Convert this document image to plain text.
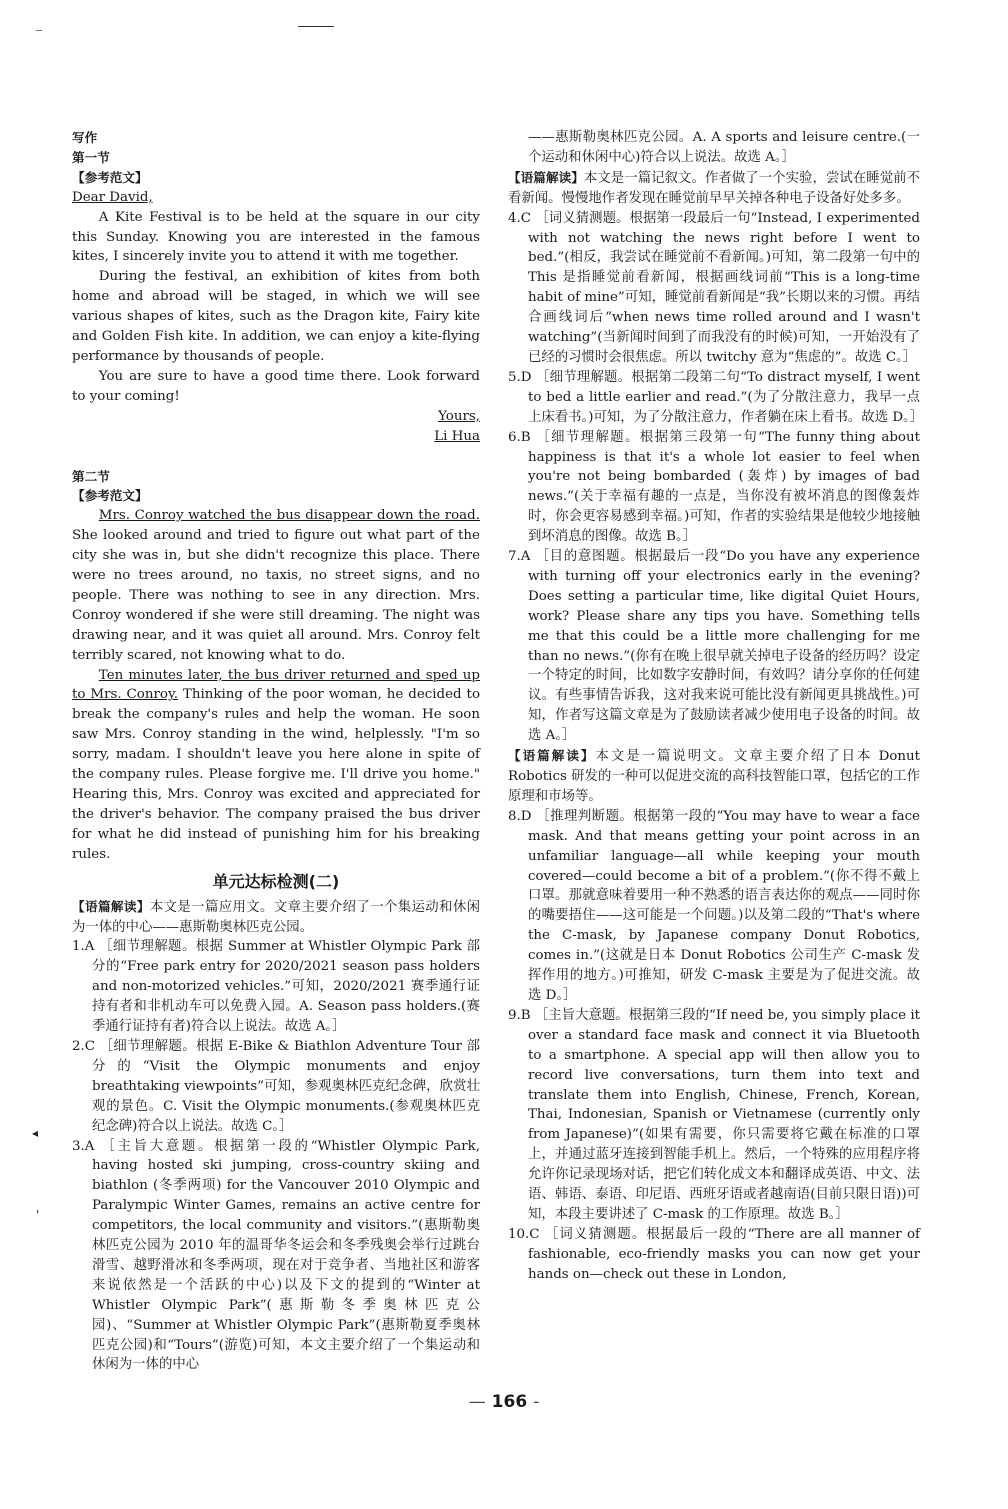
写作

第一节

【参考范文】

Dear David,

A Kite Festival is to be held at the square in our city this Sunday. Knowing you are interested in the famous kites, I sincerely invite you to attend it with me together.

During the festival, an exhibition of kites from both home and abroad will be staged, in which we will see various shapes of kites, such as the Dragon kite, Fairy kite and Golden Fish kite. In addition, we can enjoy a kite-flying performance by thousands of people.

You are sure to have a good time there. Look forward to your coming!

Yours,

Li Hua

第二节

【参考范文】

Mrs. Conroy watched the bus disappear down the road. She looked around and tried to figure out what part of the city she was in, but she didn't recognize this place. There were no trees around, no taxis, no street signs, and no people. There was nothing to see in any direction. Mrs. Conroy wondered if she were still dreaming. The night was drawing near, and it was quiet all around. Mrs. Conroy felt terribly scared, not knowing what to do.

Ten minutes later, the bus driver returned and sped up to Mrs. Conroy. Thinking of the poor woman, he decided to break the company's rules and help the woman. He soon saw Mrs. Conroy standing in the wind, helplessly. "I'm so sorry, madam. I shouldn't leave you here alone in spite of the company rules. Please forgive me. I'll drive you home." Hearing this, Mrs. Conroy was excited and appreciated for the driver's behavior. The company praised the bus driver for what he did instead of punishing him for his breaking rules.

单元达标检测(二)

【语篇解读】本文是一篇应用文。文章主要介绍了一个集运动和休闲为一体的中心——惠斯勒奥林匹克公园。

1.A ［细节理解题。根据 Summer at Whistler Olympic Park 部分的“Free park entry for 2020/2021 season pass holders and non-motorized vehicles.”可知，2020/2021 赛季通行证持有者和非机动车可以免费入园。A. Season pass holders.(赛季通行证持有者)符合以上说法。故选 A。］

2.C ［细节理解题。根据 E-Bike & Biathlon Adventure Tour 部分的“Visit the Olympic monuments and enjoy breathtaking viewpoints”可知，参观奥林匹克纪念碑，欣赏壮观的景色。C. Visit the Olympic monuments.(参观奥林匹克纪念碑)符合以上说法。故选 C。］

3.A ［主旨大意题。根据第一段的“Whistler Olympic Park, having hosted ski jumping, cross-country skiing and biathlon (冬季两项) for the Vancouver 2010 Olympic and Paralympic Winter Games, remains an active centre for competitors, the local community and visitors.”(惠斯勒奥林匹克公园为 2010 年的温哥华冬运会和冬季残奥会举行过跳台滑雪、越野滑冰和冬季两项，现在对于竞争者、当地社区和游客来说依然是一个活跃的中心)以及下文的提到的“Winter at Whistler Olympic Park”(惠斯勒冬季奥林匹克公园)、“Summer at Whistler Olympic Park”(惠斯勒夏季奥林匹克公园)和“Tours”(游览)可知，本文主要介绍了一个集运动和休闲为一体的中心

——惠斯勒奥林匹克公园。A. A sports and leisure centre.(一个运动和休闲中心)符合以上说法。故选 A。］

【语篇解读】本文是一篇记叙文。作者做了一个实验，尝试在睡觉前不看新闻。慢慢地作者发现在睡觉前早早关掉各种电子设备好处多多。

4.C ［词义猜测题。根据第一段最后一句“Instead, I experimented with not watching the news right before I went to bed.”(相反，我尝试在睡觉前不看新闻。)可知，第二段第一句中的 This 是指睡觉前看新闻，根据画线词前“This is a long-time habit of mine”可知，睡觉前看新闻是“我”长期以来的习惯。再结合画线词后“when news time rolled around and I wasn't watching”(当新闻时间到了而我没有的时候)可知，一开始没有了已经的习惯时会很焦虑。所以 twitchy 意为“焦虑的”。故选 C。］

5.D ［细节理解题。根据第二段第二句“To distract myself, I went to bed a little earlier and read.”(为了分散注意力，我早一点上床看书。)可知，为了分散注意力，作者躺在床上看书。故选 D。］

6.B ［细节理解题。根据第三段第一句“The funny thing about happiness is that it's a whole lot easier to feel when you're not being bombarded (轰炸) by images of bad news.”(关于幸福有趣的一点是，当你没有被坏消息的图像轰炸时，你会更容易感到幸福。)可知，作者的实验结果是他较少地接触到坏消息的图像。故选 B。］

7.A ［目的意图题。根据最后一段“Do you have any experience with turning off your electronics early in the evening? Does setting a particular time, like digital Quiet Hours, work? Please share any tips you have. Something tells me that this could be a little more challenging for me than no news.”(你有在晚上很早就关掉电子设备的经历吗？设定一个特定的时间，比如数字安静时间，有效吗？请分享你的任何建议。有些事情告诉我，这对我来说可能比没有新闻更具挑战性。)可知，作者写这篇文章是为了鼓励读者减少使用电子设备的时间。故选 A。］

【语篇解读】本文是一篇说明文。文章主要介绍了日本 Donut Robotics 研发的一种可以促进交流的高科技智能口罩，包括它的工作原理和市场等。

8.D ［推理判断题。根据第一段的“You may have to wear a face mask. And that means getting your point across in an unfamiliar language—all while keeping your mouth covered—could become a bit of a problem.”(你不得不戴上口罩。那就意味着要用一种不熟悉的语言表达你的观点——同时你的嘴要捂住——这可能是一个问题。)以及第二段的“That's where the C-mask, by Japanese company Donut Robotics, comes in.”(这就是日本 Donut Robotics 公司生产 C-mask 发挥作用的地方。)可推知，研发 C-mask 主要是为了促进交流。故选 D。］

9.B ［主旨大意题。根据第三段的“If need be, you simply place it over a standard face mask and connect it via Bluetooth to a smartphone. A special app will then allow you to record live conversations, turn them into text and translate them into English, Chinese, French, Korean, Thai, Indonesian, Spanish or Vietnamese (currently only from Japanese)”(如果有需要，你只需要将它戴在标准的口罩上，并通过蓝牙连接到智能手机上。然后，一个特殊的应用程序将允许你记录现场对话，把它们转化成文本和翻译成英语、中文、法语、韩语、泰语、印尼语、西班牙语或者越南语(目前只限日语))可知，本段主要讲述了 C-mask 的工作原理。故选 B。］

10.C ［词义猜测题。根据最后一段的“There are all manner of fashionable, eco-friendly masks you can now get your hands on—check out these in London,

◂
'
— 166 -
